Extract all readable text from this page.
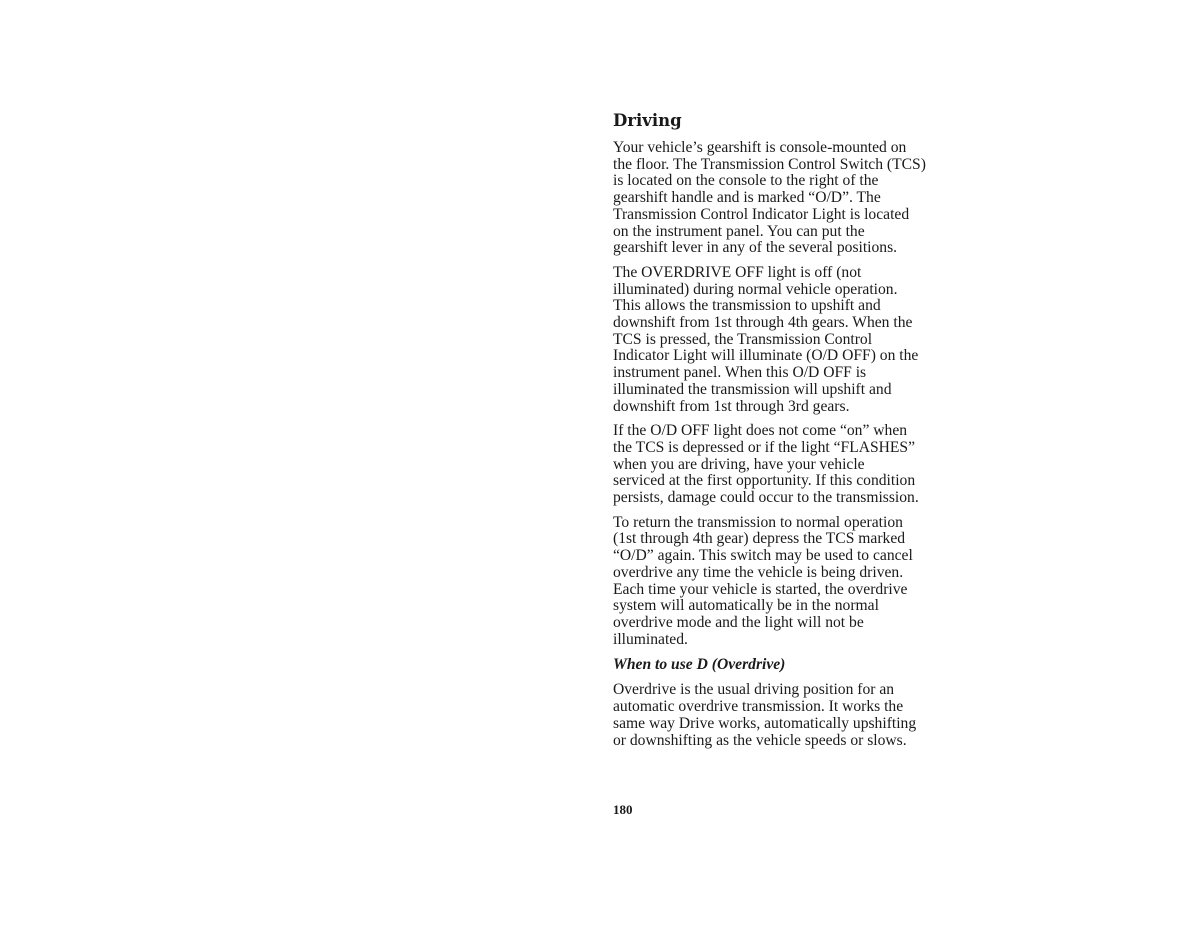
Driving

Your vehicle’s gearshift is console-mounted on
the floor. The Transmission Control Switch (TCS)
is located on the console to the right of the
gearshift handle and is marked “O/D”. The
Transmission Control Indicator Light is located
on the instrument panel. You can put the
gearshift lever in any of the several positions.

The OVERDRIVE OFF light is off (not
illuminated) during normal vehicle operation.
This allows the transmission to upshift and
downshift from 1st through 4th gears. When the
TCS is pressed, the Transmission Control
Indicator Light will illuminate (O/D OFF) on the
instrument panel. When this O/D OFF is
illuminated the transmission will upshift and
downshift from 1st through 3rd gears.

If the O/D OFF light does not come “on” when
the TCS is depressed or if the light “FLASHES”
when you are driving, have your vehicle
serviced at the first opportunity. If this condition
persists, damage could occur to the transmission.

To return the transmission to normal operation
(1st through 4th gear) depress the TCS marked
“O/D” again. This switch may be used to cancel
overdrive any time the vehicle is being driven.
Each time your vehicle is started, the overdrive
system will automatically be in the normal
overdrive mode and the light will not be
illuminated.

When to use D (Overdrive)

Overdrive is the usual driving position for an
automatic overdrive transmission. It works the
same way Drive works, automatically upshifting
or downshifting as the vehicle speeds or slows.

180
